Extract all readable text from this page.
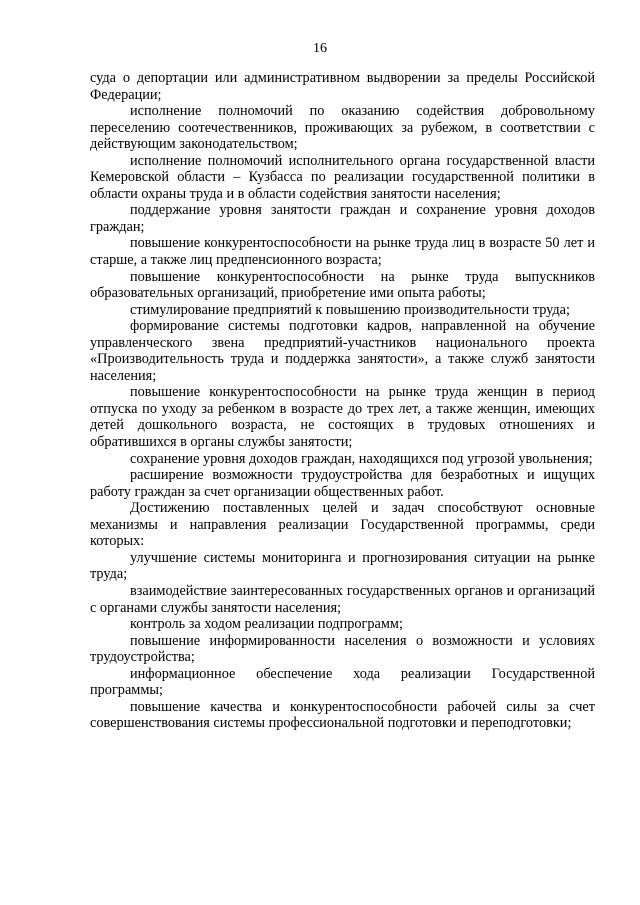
16

суда о депортации или административном выдворении за пределы Российской Федерации;

исполнение полномочий по оказанию содействия добровольному переселению соотечественников, проживающих за рубежом, в соответствии с действующим законодательством;

исполнение полномочий исполнительного органа государственной власти Кемеровской области – Кузбасса по реализации государственной политики в области охраны труда и в области содействия занятости населения;

поддержание уровня занятости граждан и сохранение уровня доходов граждан;

повышение конкурентоспособности на рынке труда лиц в возрасте 50 лет и старше, а также лиц предпенсионного возраста;

повышение конкурентоспособности на рынке труда выпускников образовательных организаций, приобретение ими опыта работы;

стимулирование предприятий к повышению производительности труда;

формирование системы подготовки кадров, направленной на обучение управленческого звена предприятий-участников национального проекта «Производительность труда и поддержка занятости», а также служб занятости населения;

повышение конкурентоспособности на рынке труда женщин в период отпуска по уходу за ребенком в возрасте до трех лет, а также женщин, имеющих детей дошкольного возраста, не состоящих в трудовых отношениях и обратившихся в органы службы занятости;

сохранение уровня доходов граждан, находящихся под угрозой увольнения;

расширение возможности трудоустройства для безработных и ищущих работу граждан за счет организации общественных работ.

Достижению поставленных целей и задач способствуют основные механизмы и направления реализации Государственной программы, среди которых:

улучшение системы мониторинга и прогнозирования ситуации на рынке труда;

взаимодействие заинтересованных государственных органов и организаций с органами службы занятости населения;

контроль за ходом реализации подпрограмм;

повышение информированности населения о возможности и условиях трудоустройства;

информационное обеспечение хода реализации Государственной программы;

повышение качества и конкурентоспособности рабочей силы за счет совершенствования системы профессиональной подготовки и переподготовки;
